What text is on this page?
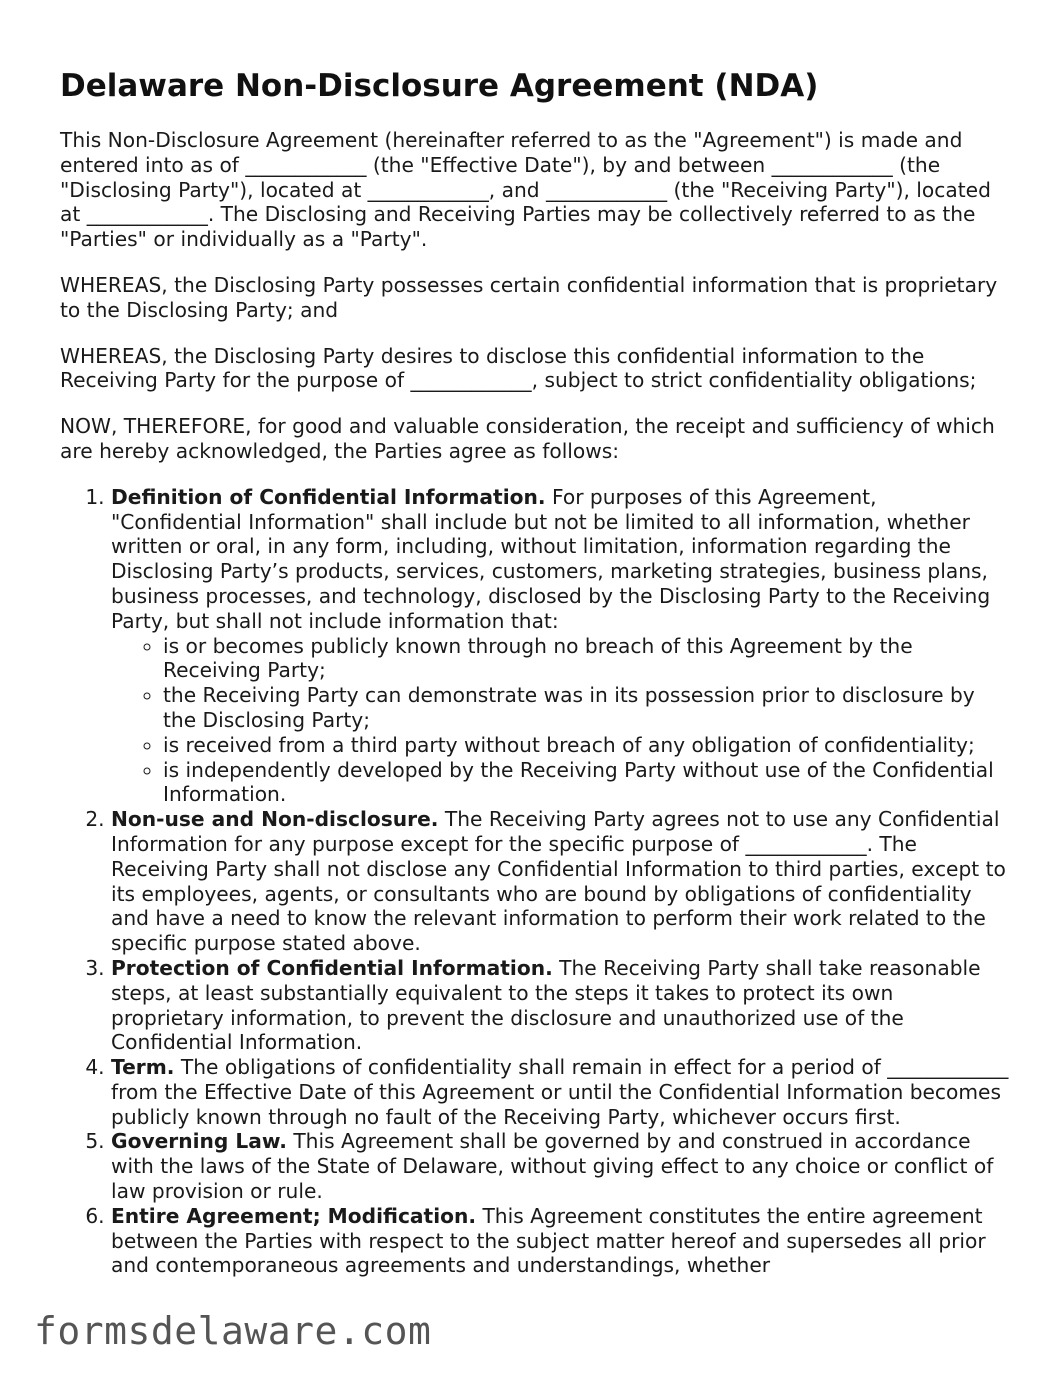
Delaware Non-Disclosure Agreement (NDA)

This Non-Disclosure Agreement (hereinafter referred to as the "Agreement") is made and entered into as of ____________ (the "Effective Date"), by and between ____________ (the "Disclosing Party"), located at ____________, and ____________ (the "Receiving Party"), located at ____________. The Disclosing and Receiving Parties may be collectively referred to as the "Parties" or individually as a "Party".

WHEREAS, the Disclosing Party possesses certain confidential information that is proprietary to the Disclosing Party; and

WHEREAS, the Disclosing Party desires to disclose this confidential information to the Receiving Party for the purpose of ____________, subject to strict confidentiality obligations;

NOW, THEREFORE, for good and valuable consideration, the receipt and sufficiency of which are hereby acknowledged, the Parties agree as follows:

1. Definition of Confidential Information. For purposes of this Agreement, "Confidential Information" shall include but not be limited to all information, whether written or oral, in any form, including, without limitation, information regarding the Disclosing Party’s products, services, customers, marketing strategies, business plans, business processes, and technology, disclosed by the Disclosing Party to the Receiving Party, but shall not include information that:
◦ is or becomes publicly known through no breach of this Agreement by the Receiving Party;
◦ the Receiving Party can demonstrate was in its possession prior to disclosure by the Disclosing Party;
◦ is received from a third party without breach of any obligation of confidentiality;
◦ is independently developed by the Receiving Party without use of the Confidential Information.
2. Non-use and Non-disclosure. The Receiving Party agrees not to use any Confidential Information for any purpose except for the specific purpose of ____________. The Receiving Party shall not disclose any Confidential Information to third parties, except to its employees, agents, or consultants who are bound by obligations of confidentiality and have a need to know the relevant information to perform their work related to the specific purpose stated above.
3. Protection of Confidential Information. The Receiving Party shall take reasonable steps, at least substantially equivalent to the steps it takes to protect its own proprietary information, to prevent the disclosure and unauthorized use of the Confidential Information.
4. Term. The obligations of confidentiality shall remain in effect for a period of ____________ from the Effective Date of this Agreement or until the Confidential Information becomes publicly known through no fault of the Receiving Party, whichever occurs first.
5. Governing Law. This Agreement shall be governed by and construed in accordance with the laws of the State of Delaware, without giving effect to any choice or conflict of law provision or rule.
6. Entire Agreement; Modification. This Agreement constitutes the entire agreement between the Parties with respect to the subject matter hereof and supersedes all prior and contemporaneous agreements and understandings, whether
formsdelaware.com
